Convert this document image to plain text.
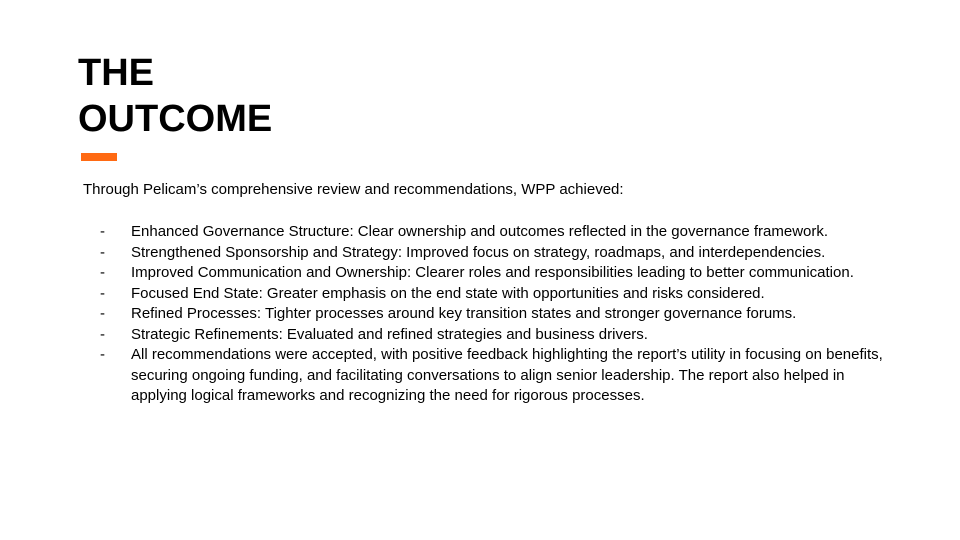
THE
OUTCOME

Through Pelicam’s comprehensive review and recommendations, WPP achieved:

-	Enhanced Governance Structure: Clear ownership and outcomes reflected in the governance framework.
-	Strengthened Sponsorship and Strategy: Improved focus on strategy, roadmaps, and interdependencies.
-	Improved Communication and Ownership: Clearer roles and responsibilities leading to better communication.
-	Focused End State: Greater emphasis on the end state with opportunities and risks considered.
-	Refined Processes: Tighter processes around key transition states and stronger governance forums.
-	Strategic Refinements: Evaluated and refined strategies and business drivers.
-	All recommendations were accepted, with positive feedback highlighting the report’s utility in focusing on benefits, securing ongoing funding, and facilitating conversations to align senior leadership. The report also helped in applying logical frameworks and recognizing the need for rigorous processes.
